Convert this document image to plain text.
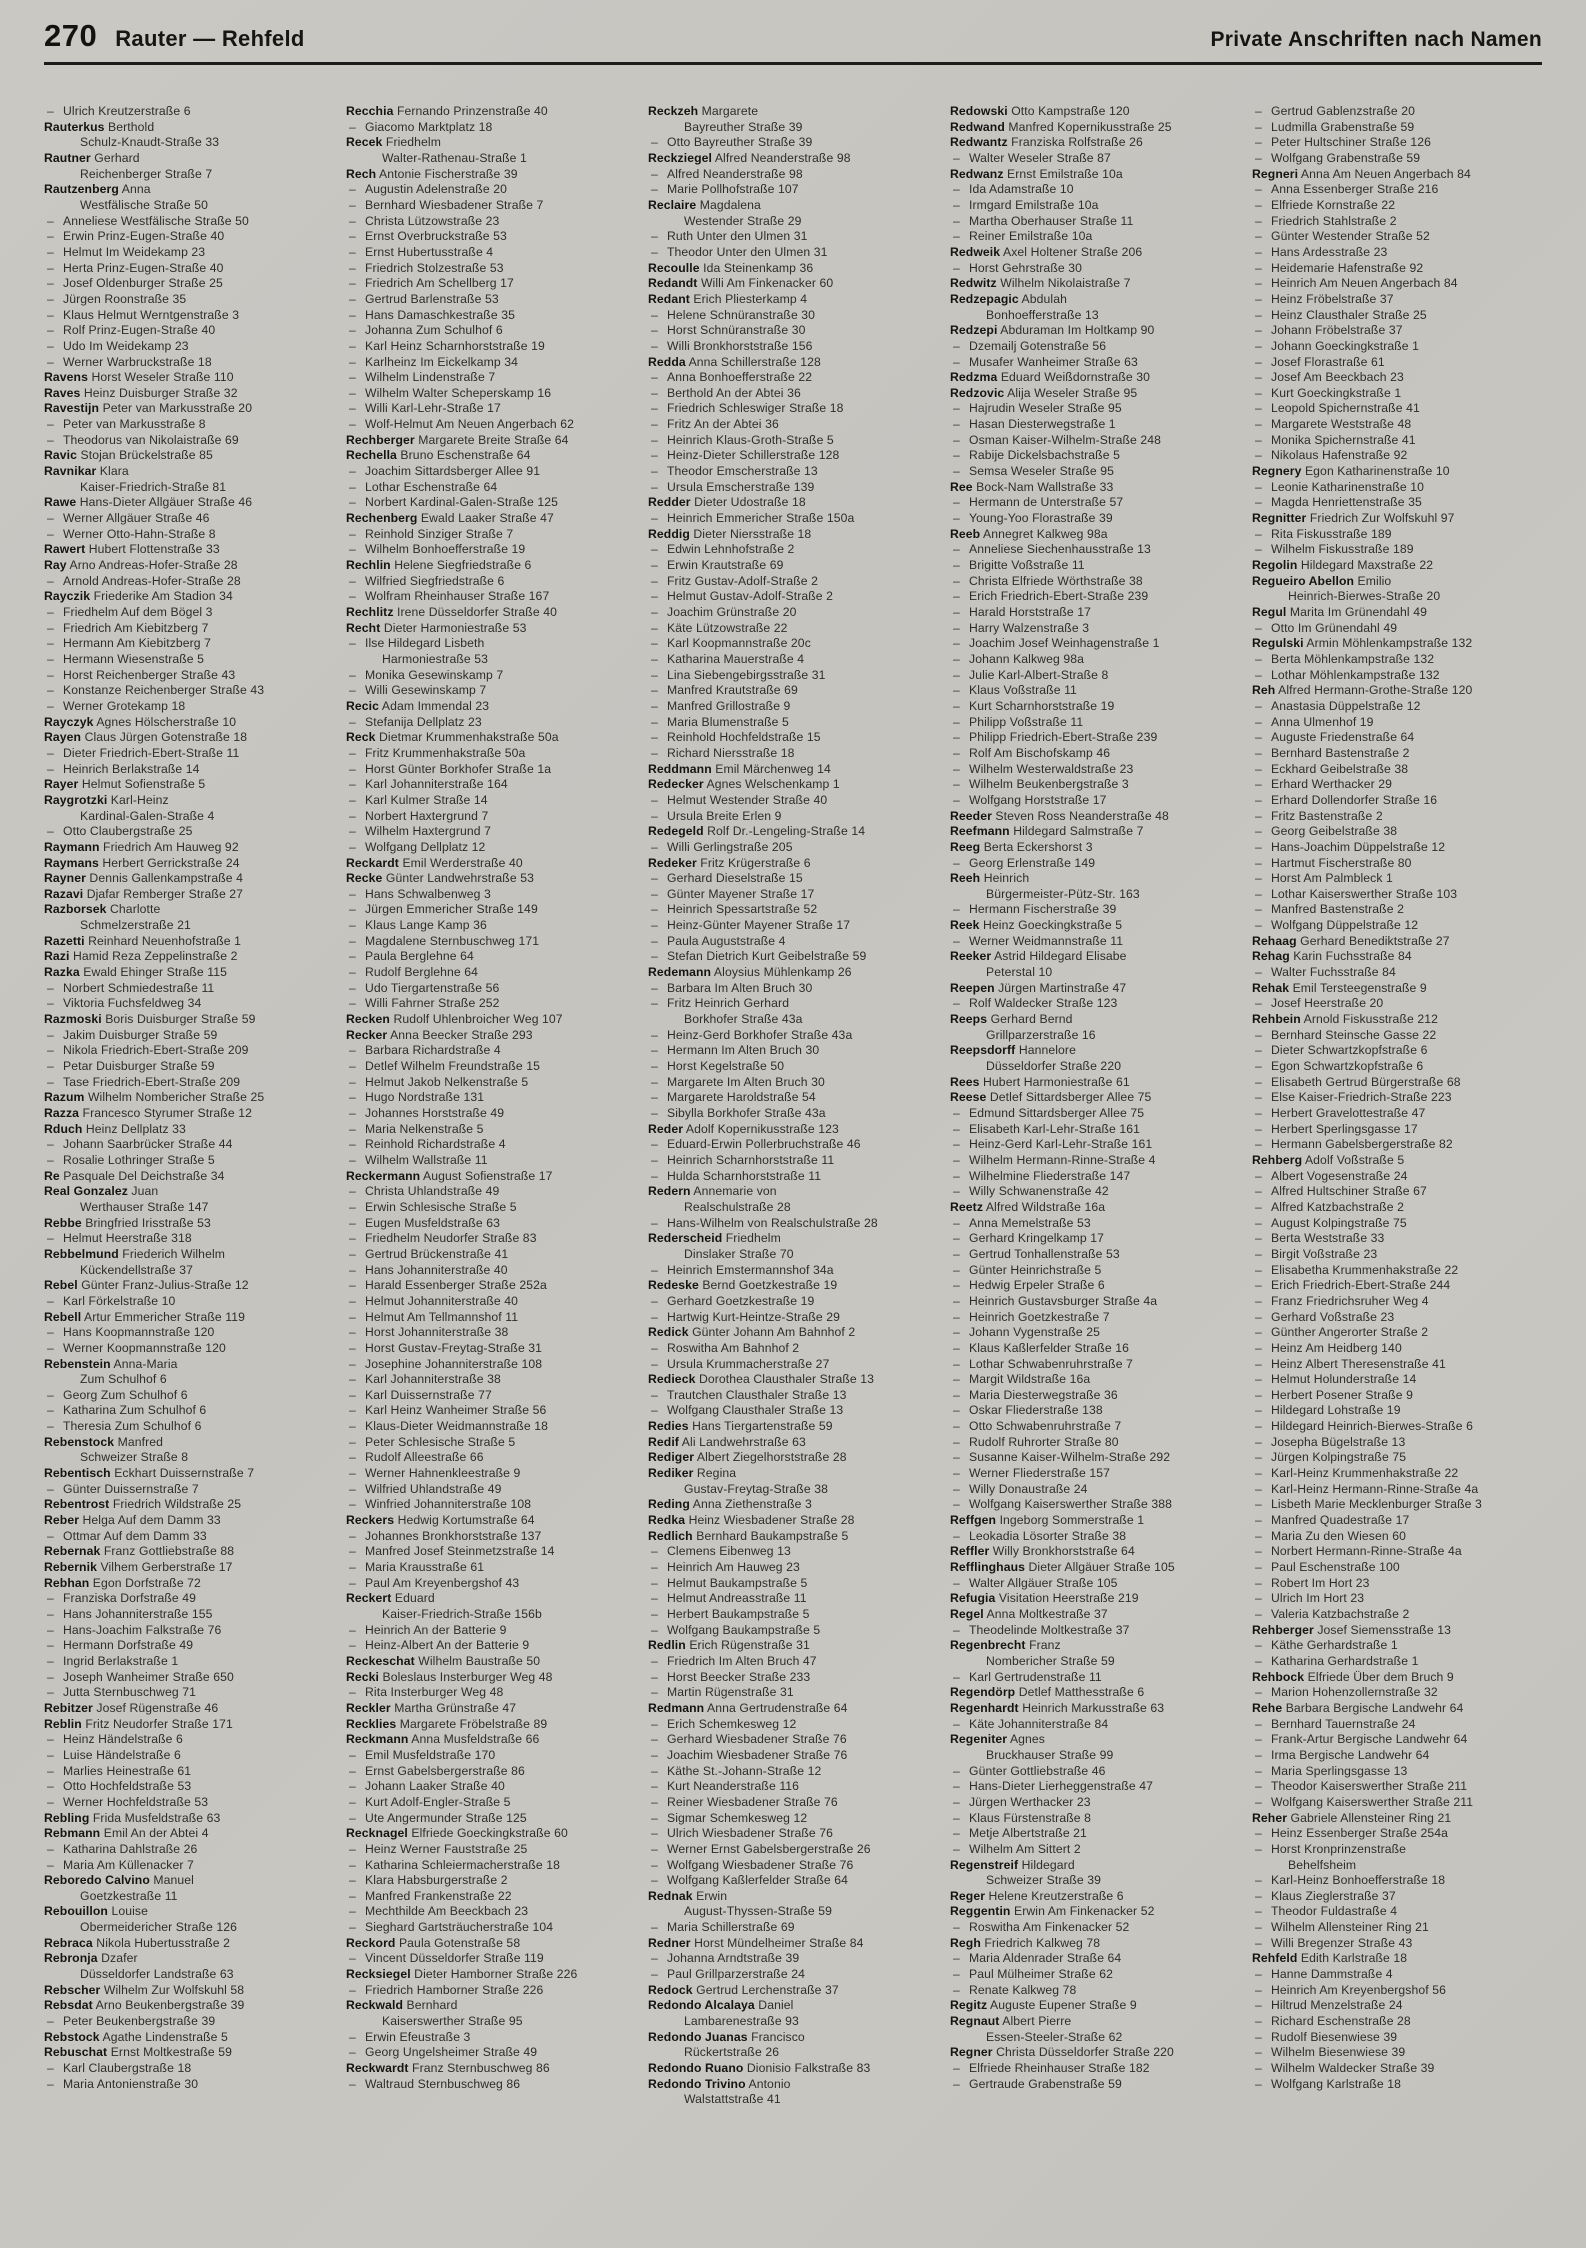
270 Rauter — Rehfeld	Private Anschriften nach Namen
– Ulrich Kreutzerstraße 6
Rauterkus Berthold
Schulz-Knaudt-Straße 33
Rautner Gerhard
Reichenberger Straße 7
Rautzenberg Anna
Westfälische Straße 50
– Anneliese Westfälische Straße 50
– Erwin Prinz-Eugen-Straße 40
– Helmut Im Weidekamp 23
– Herta Prinz-Eugen-Straße 40
– Josef Oldenburger Straße 25
– Jürgen Roonstraße 35
– Klaus Helmut Werntgenstraße 3
– Rolf Prinz-Eugen-Straße 40
– Udo Im Weidekamp 23
– Werner Warbruckstraße 18
Ravens Horst Weseler Straße 110
Raves Heinz Duisburger Straße 32
Ravestijn Peter van Markusstraße 20
– Peter van Markusstraße 8
– Theodorus van Nikolaistraße 69
Ravic Stojan Brückelstraße 85
Ravnikar Klara
Kaiser-Friedrich-Straße 81
Rawe Hans-Dieter Allgäuer Straße 46
– Werner Allgäuer Straße 46
– Werner Otto-Hahn-Straße 8
Rawert Hubert Flottenstraße 33
Ray Arno Andreas-Hofer-Straße 28
– Arnold Andreas-Hofer-Straße 28
Rayczik Friederike Am Stadion 34
– Friedhelm Auf dem Bögel 3
– Friedrich Am Kiebitzberg 7
– Hermann Am Kiebitzberg 7
– Hermann Wiesenstraße 5
– Horst Reichenberger Straße 43
– Konstanze Reichenberger Straße 43
– Werner Grotekamp 18
Rayczyk Agnes Hölscherstraße 10
Rayen Claus Jürgen Gotenstraße 18
– Dieter Friedrich-Ebert-Straße 11
– Heinrich Berlakstraße 14
Rayer Helmut Sofienstraße 5
Raygrotzki Karl-Heinz
Kardinal-Galen-Straße 4
– Otto Claubergstraße 25
Raymann Friedrich Am Hauweg 92
Raymans Herbert Gerrickstraße 24
Rayner Dennis Gallenkampstraße 4
Razavi Djafar Remberger Straße 27
Razborsek Charlotte
Schmelzerstraße 21
Razetti Reinhard Neuenhofstraße 1
Razi Hamid Reza Zeppelinstraße 2
Razka Ewald Ehinger Straße 115
– Norbert Schmiedestraße 11
– Viktoria Fuchsfeldweg 34
Razmoski Boris Duisburger Straße 59
– Jakim Duisburger Straße 59
– Nikola Friedrich-Ebert-Straße 209
– Petar Duisburger Straße 59
– Tase Friedrich-Ebert-Straße 209
Razum Wilhelm Nombericher Straße 25
Razza Francesco Styrumer Straße 12
Rduch Heinz Dellplatz 33
– Johann Saarbrücker Straße 44
– Rosalie Lothringer Straße 5
Re Pasquale Del Deichstraße 34
Real Gonzalez Juan
Werthauser Straße 147
Rebbe Bringfried Irisstraße 53
– Helmut Heerstraße 318
Rebbelmund Friederich Wilhelm
Kückendellstraße 37
Rebel Günter Franz-Julius-Straße 12
– Karl Förkelstraße 10
Rebell Artur Emmericher Straße 119
– Hans Koopmannstraße 120
– Werner Koopmannstraße 120
Rebenstein Anna-Maria
Zum Schulhof 6
– Georg Zum Schulhof 6
– Katharina Zum Schulhof 6
– Theresia Zum Schulhof 6
Rebenstock Manfred
Schweizer Straße 8
Rebentisch Eckhart Duissernstraße 7
– Günter Duissernstraße 7
Rebentrost Friedrich Wildstraße 25
Reber Helga Auf dem Damm 33
– Ottmar Auf dem Damm 33
Rebernak Franz Gottliebstraße 88
Rebernik Vilhem Gerberstraße 17
Rebhan Egon Dorfstraße 72
– Franziska Dorfstraße 49
– Hans Johanniterstraße 155
– Hans-Joachim Falkstraße 76
– Hermann Dorfstraße 49
– Ingrid Berlakstraße 1
– Joseph Wanheimer Straße 650
– Jutta Sternbuschweg 71
Rebitzer Josef Rügenstraße 46
Reblin Fritz Neudorfer Straße 171
– Heinz Händelstraße 6
– Luise Händelstraße 6
– Marlies Heinestraße 61
– Otto Hochfeldstraße 53
– Werner Hochfeldstraße 53
Rebling Frida Musfeldstraße 63
Rebmann Emil An der Abtei 4
– Katharina Dahlstraße 26
– Maria Am Küllenacker 7
Reboredo Calvino Manuel
Goetzkestraße 11
Rebouillon Louise
Obermeidericher Straße 126
Rebraca Nikola Hubertusstraße 2
Rebronja Dzafer
Düsseldorfer Landstraße 63
Rebscher Wilhelm Zur Wolfskuhl 58
Rebsdat Arno Beukenbergstraße 39
– Peter Beukenbergstraße 39
Rebstock Agathe Lindenstraße 5
Rebuschat Ernst Moltkestraße 59
– Karl Claubergstraße 18
– Maria Antonienstraße 30
Recchia Fernando Prinzenstraße 40
– Giacomo Marktplatz 18
Recek Friedhelm
Walter-Rathenau-Straße 1
Rech Antonie Fischerstraße 39
– Augustin Adelenstraße 20
– Bernhard Wiesbadener Straße 7
– Christa Lützowstraße 23
– Ernst Overbruckstraße 53
– Ernst Hubertusstraße 4
– Friedrich Stolzestraße 53
– Friedrich Am Schellberg 17
– Gertrud Barlenstraße 53
– Hans Damaschkestraße 35
– Johanna Zum Schulhof 6
– Karl Heinz Scharnhorststraße 19
– Karlheinz Im Eickelkamp 34
– Wilhelm Lindenstraße 7
– Wilhelm Walter Scheperskamp 16
– Willi Karl-Lehr-Straße 17
– Wolf-Helmut Am Neuen Angerbach 62
Rechberger Margarete Breite Straße 64
Rechella Bruno Eschenstraße 64
– Joachim Sittardsberger Allee 91
– Lothar Eschenstraße 64
– Norbert Kardinal-Galen-Straße 125
Rechenberg Ewald Laaker Straße 47
– Reinhold Sinziger Straße 7
– Wilhelm Bonhoefferstraße 19
Rechlin Helene Siegfriedstraße 6
– Wilfried Siegfriedstraße 6
– Wolfram Rheinhauser Straße 167
Rechlitz Irene Düsseldorfer Straße 40
Recht Dieter Harmoniestraße 53
– Ilse Hildegard Lisbeth
Harmoniestraße 53
– Monika Gesewinskamp 7
– Willi Gesewinskamp 7
Recic Adam Immendal 23
– Stefanija Dellplatz 23
Reck Dietmar Krummenhakstraße 50a
– Fritz Krummenhakstraße 50a
– Horst Günter Borkhofer Straße 1a
– Karl Johanniterstraße 164
– Karl Kulmer Straße 14
– Norbert Haxtergrund 7
– Wilhelm Haxtergrund 7
– Wolfgang Dellplatz 12
Reckardt Emil Werderstraße 40
Recke Günter Landwehrstraße 53
– Hans Schwalbenweg 3
– Jürgen Emmericher Straße 149
– Klaus Lange Kamp 36
– Magdalene Sternbuschweg 171
– Paula Berglehne 64
– Rudolf Berglehne 64
– Udo Tiergartenstraße 56
– Willi Fahrner Straße 252
Recken Rudolf Uhlenbroicher Weg 107
Recker Anna Beecker Straße 293
– Barbara Richardstraße 4
– Detlef Wilhelm Freundstraße 15
– Helmut Jakob Nelkenstraße 5
– Hugo Nordstraße 131
– Johannes Horststraße 49
– Maria Nelkenstraße 5
– Reinhold Richardstraße 4
– Wilhelm Wallstraße 11
Reckermann August Sofienstraße 17
– Christa Uhlandstraße 49
– Erwin Schlesische Straße 5
– Eugen Musfeldstraße 63
– Friedhelm Neudorfer Straße 83
– Gertrud Brückenstraße 41
– Hans Johanniterstraße 40
– Harald Essenberger Straße 252a
– Helmut Johanniterstraße 40
– Helmut Am Tellmannshof 11
– Horst Johanniterstraße 38
– Horst Gustav-Freytag-Straße 31
– Josephine Johanniterstraße 108
– Karl Johanniterstraße 38
– Karl Duissernstraße 77
– Karl Heinz Wanheimer Straße 56
– Klaus-Dieter Weidmannstraße 18
– Peter Schlesische Straße 5
– Rudolf Alleestraße 66
– Werner Hahnenkleestraße 9
– Wilfried Uhlandstraße 49
– Winfried Johanniterstraße 108
Reckers Hedwig Kortumstraße 64
– Johannes Bronkhorststraße 137
– Manfred Josef Steinmetzstraße 14
– Maria Krausstraße 61
– Paul Am Kreyenbergshof 43
Reckert Eduard
Kaiser-Friedrich-Straße 156b
– Heinrich An der Batterie 9
– Heinz-Albert An der Batterie 9
Reckeschat Wilhelm Baustraße 50
Recki Boleslaus Insterburger Weg 48
– Rita Insterburger Weg 48
Reckler Martha Grünstraße 47
Recklies Margarete Fröbelstraße 89
Reckmann Anna Musfeldstraße 66
– Emil Musfeldstraße 170
– Ernst Gabelsbergerstraße 86
– Johann Laaker Straße 40
– Kurt Adolf-Engler-Straße 5
– Ute Angermunder Straße 125
Recknagel Elfriede Goeckingkstraße 60
– Heinz Werner Fauststraße 25
– Katharina Schleiermacherstraße 18
– Klara Habsburgerstraße 2
– Manfred Frankenstraße 22
– Mechthilde Am Beeckbach 23
– Sieghard Gartsträucherstraße 104
Reckord Paula Gotenstraße 58
– Vincent Düsseldorfer Straße 119
Recksiegel Dieter Hamborner Straße 226
– Friedrich Hamborner Straße 226
Reckwald Bernhard
Kaiserswerther Straße 95
– Erwin Efeustraße 3
– Georg Ungelsheimer Straße 49
Reckwardt Franz Sternbuschweg 86
– Waltraud Sternbuschweg 86
Reckzeh Margarete
Bayreuther Straße 39
– Otto Bayreuther Straße 39
Reckziegel Alfred Neanderstraße 98
– Alfred Neanderstraße 98
– Marie Pollhofstraße 107
Reclaire Magdalena
Westender Straße 29
– Ruth Unter den Ulmen 31
– Theodor Unter den Ulmen 31
Recoulle Ida Steinenkamp 36
Redandt Willi Am Finkenacker 60
Redant Erich Pliesterkamp 4
– Helene Schnüranstraße 30
– Horst Schnüranstraße 30
– Willi Bronkhorststraße 156
Redda Anna Schillerstraße 128
– Anna Bonhoefferstraße 22
– Berthold An der Abtei 36
– Friedrich Schleswiger Straße 18
– Fritz An der Abtei 36
– Heinrich Klaus-Groth-Straße 5
– Heinz-Dieter Schillerstraße 128
– Theodor Emscherstraße 13
– Ursula Emscherstraße 139
Redder Dieter Udostraße 18
– Heinrich Emmericher Straße 150a
Reddig Dieter Niersstraße 18
– Edwin Lehnhofstraße 2
– Erwin Krautstraße 69
– Fritz Gustav-Adolf-Straße 2
– Helmut Gustav-Adolf-Straße 2
– Joachim Grünstraße 20
– Käte Lützowstraße 22
– Karl Koopmannstraße 20c
– Katharina Mauerstraße 4
– Lina Siebengebirgsstraße 31
– Manfred Krautstraße 69
– Manfred Grillostraße 9
– Maria Blumenstraße 5
– Reinhold Hochfeldstraße 15
– Richard Niersstraße 18
Reddmann Emil Märchenweg 14
Redecker Agnes Welschenkamp 1
– Helmut Westender Straße 40
– Ursula Breite Erlen 9
Redegeld Rolf Dr.-Lengeling-Straße 14
– Willi Gerlingstraße 205
Redeker Fritz Krügerstraße 6
– Gerhard Dieselstraße 15
– Günter Mayener Straße 17
– Heinrich Spessartstraße 52
– Heinz-Günter Mayener Straße 17
– Paula Auguststraße 4
– Stefan Dietrich Kurt Geibelstraße 59
Redemann Aloysius Mühlenkamp 26
– Barbara Im Alten Bruch 30
– Fritz Heinrich Gerhard
Borkhofer Straße 43a
– Heinz-Gerd Borkhofer Straße 43a
– Hermann Im Alten Bruch 30
– Horst Kegelstraße 50
– Margarete Im Alten Bruch 30
– Margarete Haroldstraße 54
– Sibylla Borkhofer Straße 43a
Reder Adolf Kopernikusstraße 123
– Eduard-Erwin Pollerbruchstraße 46
– Heinrich Scharnhorststraße 11
– Hulda Scharnhorststraße 11
Redern Annemarie von
Realschulstraße 28
– Hans-Wilhelm von Realschulstraße 28
Rederscheid Friedhelm
Dinslaker Straße 70
– Heinrich Emstermannshof 34a
Redeske Bernd Goetzkestraße 19
– Gerhard Goetzkestraße 19
– Hartwig Kurt-Heintze-Straße 29
Redick Günter Johann Am Bahnhof 2
– Roswitha Am Bahnhof 2
– Ursula Krummacherstraße 27
Redieck Dorothea Clausthaler Straße 13
– Trautchen Clausthaler Straße 13
– Wolfgang Clausthaler Straße 13
Redies Hans Tiergartenstraße 59
Redif Ali Landwehrstraße 63
Rediger Albert Ziegelhorststraße 28
Rediker Regina
Gustav-Freytag-Straße 38
Reding Anna Ziethenstraße 3
Redka Heinz Wiesbadener Straße 28
Redlich Bernhard Baukampstraße 5
– Clemens Eibenweg 13
– Heinrich Am Hauweg 23
– Helmut Baukampstraße 5
– Helmut Andreasstraße 11
– Herbert Baukampstraße 5
– Wolfgang Baukampstraße 5
Redlin Erich Rügenstraße 31
– Friedrich Im Alten Bruch 47
– Horst Beecker Straße 233
– Martin Rügenstraße 31
Redmann Anna Gertrudenstraße 64
– Erich Schemkesweg 12
– Gerhard Wiesbadener Straße 76
– Joachim Wiesbadener Straße 76
– Käthe St.-Johann-Straße 12
– Kurt Neanderstraße 116
– Reiner Wiesbadener Straße 76
– Sigmar Schemkesweg 12
– Ulrich Wiesbadener Straße 76
– Werner Ernst Gabelsbergerstraße 26
– Wolfgang Wiesbadener Straße 76
– Wolfgang Kaßlerfelder Straße 64
Rednak Erwin
August-Thyssen-Straße 59
– Maria Schillerstraße 69
Redner Horst Mündelheimer Straße 84
– Johanna Arndtstraße 39
– Paul Grillparzerstraße 24
Redock Gertrud Lerchenstraße 37
Redondo Alcalaya Daniel
Lambarenestraße 93
Redondo Juanas Francisco
Rückertstraße 26
Redondo Ruano Dionisio Falkstraße 83
Redondo Trivino Antonio
Walstattstraße 41
Redowski Otto Kampstraße 120
Redwand Manfred Kopernikusstraße 25
Redwantz Franziska Rolfstraße 26
– Walter Weseler Straße 87
Redwanz Ernst Emilstraße 10a
– Ida Adamstraße 10
– Irmgard Emilstraße 10a
– Martha Oberhauser Straße 11
– Reiner Emilstraße 10a
Redweik Axel Holtener Straße 206
– Horst Gehrstraße 30
Redwitz Wilhelm Nikolaistraße 7
Redzepagic Abdulah
Bonhoefferstraße 13
Redzepi Abduraman Im Holtkamp 90
– Dzemailj Gotenstraße 56
– Musafer Wanheimer Straße 63
Redzma Eduard Weißdornstraße 30
Redzovic Alija Weseler Straße 95
– Hajrudin Weseler Straße 95
– Hasan Diesterwegstraße 1
– Osman Kaiser-Wilhelm-Straße 248
– Rabije Dickelsbachstraße 5
– Semsa Weseler Straße 95
Ree Bock-Nam Wallstraße 33
– Hermann de Unterstraße 57
– Young-Yoo Florastraße 39
Reeb Annegret Kalkweg 98a
– Anneliese Siechenhausstraße 13
– Brigitte Voßstraße 11
– Christa Elfriede Wörthstraße 38
– Erich Friedrich-Ebert-Straße 239
– Harald Horststraße 17
– Harry Walzenstraße 3
– Joachim Josef Weinhagenstraße 1
– Johann Kalkweg 98a
– Julie Karl-Albert-Straße 8
– Klaus Voßstraße 11
– Kurt Scharnhorststraße 19
– Philipp Voßstraße 11
– Philipp Friedrich-Ebert-Straße 239
– Rolf Am Bischofskamp 46
– Wilhelm Westerwaldstraße 23
– Wilhelm Beukenbergstraße 3
– Wolfgang Horststraße 17
Reeder Steven Ross Neanderstraße 48
Reefmann Hildegard Salmstraße 7
Reeg Berta Eckershorst 3
– Georg Erlenstraße 149
Reeh Heinrich
Bürgermeister-Pütz-Str. 163
– Hermann Fischerstraße 39
Reek Heinz Goeckingkstraße 5
– Werner Weidmannstraße 11
Reeker Astrid Hildegard Elisabe
Peterstal 10
Reepen Jürgen Martinstraße 47
– Rolf Waldecker Straße 123
Reeps Gerhard Bernd
Grillparzerstraße 16
Reepsdorff Hannelore
Düsseldorfer Straße 220
Rees Hubert Harmoniestraße 61
Reese Detlef Sittardsberger Allee 75
– Edmund Sittardsberger Allee 75
– Elisabeth Karl-Lehr-Straße 161
– Heinz-Gerd Karl-Lehr-Straße 161
– Wilhelm Hermann-Rinne-Straße 4
– Wilhelmine Fliederstraße 147
– Willy Schwanenstraße 42
Reetz Alfred Wildstraße 16a
– Anna Memelstraße 53
– Gerhard Kringelkamp 17
– Gertrud Tonhallenstraße 53
– Günter Heinrichstraße 5
– Hedwig Erpeler Straße 6
– Heinrich Gustavsburger Straße 4a
– Heinrich Goetzkestraße 7
– Johann Vygenstraße 25
– Klaus Kaßlerfelder Straße 16
– Lothar Schwabenruhrstraße 7
– Margit Wildstraße 16a
– Maria Diesterwegstraße 36
– Oskar Fliederstraße 138
– Otto Schwabenruhrstraße 7
– Rudolf Ruhrorter Straße 80
– Susanne Kaiser-Wilhelm-Straße 292
– Werner Fliederstraße 157
– Willy Donaustraße 24
– Wolfgang Kaiserswerther Straße 388
Reffgen Ingeborg Sommerstraße 1
– Leokadia Lösorter Straße 38
Reffler Willy Bronkhorststraße 64
Refflinghaus Dieter Allgäuer Straße 105
– Walter Allgäuer Straße 105
Refugia Visitation Heerstraße 219
Regel Anna Moltkestraße 37
– Theodelinde Moltkestraße 37
Regenbrecht Franz
Nombericher Straße 59
– Karl Gertrudenstraße 11
Regendörp Detlef Matthesstraße 6
Regenhardt Heinrich Markusstraße 63
– Käte Johanniterstraße 84
Regeniter Agnes
Bruckhauser Straße 99
– Günter Gottliebstraße 46
– Hans-Dieter Lierheggenstraße 47
– Jürgen Werthacker 23
– Klaus Fürstenstraße 8
– Metje Albertstraße 21
– Wilhelm Am Sittert 2
Regenstreif Hildegard
Schweizer Straße 39
Reger Helene Kreutzerstraße 6
Reggentin Erwin Am Finkenacker 52
– Roswitha Am Finkenacker 52
Regh Friedrich Kalkweg 78
– Maria Aldenrader Straße 64
– Paul Mülheimer Straße 62
– Renate Kalkweg 78
Regitz Auguste Eupener Straße 9
Regnaut Albert Pierre
Essen-Steeler-Straße 62
Regner Christa Düsseldorfer Straße 220
– Elfriede Rheinhauser Straße 182
– Gertraude Grabenstraße 59
– Gertrud Gablenzstraße 20
– Ludmilla Grabenstraße 59
– Peter Hultschiner Straße 126
– Wolfgang Grabenstraße 59
Regneri Anna Am Neuen Angerbach 84
– Anna Essenberger Straße 216
– Elfriede Kornstraße 22
– Friedrich Stahlstraße 2
– Günter Westender Straße 52
– Hans Ardesstraße 23
– Heidemarie Hafenstraße 92
– Heinrich Am Neuen Angerbach 84
– Heinz Fröbelstraße 37
– Heinz Clausthaler Straße 25
– Johann Fröbelstraße 37
– Johann Goeckingkstraße 1
– Josef Florastraße 61
– Josef Am Beeckbach 23
– Kurt Goeckingkstraße 1
– Leopold Spichernstraße 41
– Margarete Weststraße 48
– Monika Spichernstraße 41
– Nikolaus Hafenstraße 92
Regnery Egon Katharinenstraße 10
– Leonie Katharinenstraße 10
– Magda Henriettenstraße 35
Regnitter Friedrich Zur Wolfskuhl 97
– Rita Fiskusstraße 189
– Wilhelm Fiskusstraße 189
Regolin Hildegard Maxstraße 22
Regueiro Abellon Emilio
Heinrich-Bierwes-Straße 20
Regul Marita Im Grünendahl 49
– Otto Im Grünendahl 49
Regulski Armin Möhlenkampstraße 132
– Berta Möhlenkampstraße 132
– Lothar Möhlenkampstraße 132
Reh Alfred Hermann-Grothe-Straße 120
– Anastasia Düppelstraße 12
– Anna Ulmenhof 19
– Auguste Friedenstraße 64
– Bernhard Bastenstraße 2
– Eckhard Geibelstraße 38
– Erhard Werthacker 29
– Erhard Dollendorfer Straße 16
– Fritz Bastenstraße 2
– Georg Geibelstraße 38
– Hans-Joachim Düppelstraße 12
– Hartmut Fischerstraße 80
– Horst Am Palmbleck 1
– Lothar Kaiserswerther Straße 103
– Manfred Bastenstraße 2
– Wolfgang Düppelstraße 12
Rehaag Gerhard Benediktstraße 27
Rehag Karin Fuchsstraße 84
– Walter Fuchsstraße 84
Rehak Emil Tersteegenstraße 9
– Josef Heerstraße 20
Rehbein Arnold Fiskusstraße 212
– Bernhard Steinsche Gasse 22
– Dieter Schwartzkopfstraße 6
– Egon Schwartzkopfstraße 6
– Elisabeth Gertrud Bürgerstraße 68
– Else Kaiser-Friedrich-Straße 223
– Herbert Gravelottestraße 47
– Herbert Sperlingsgasse 17
– Hermann Gabelsbergerstraße 82
Rehberg Adolf Voßstraße 5
– Albert Vogesenstraße 24
– Alfred Hultschiner Straße 67
– Alfred Katzbachstraße 2
– August Kolpingstraße 75
– Berta Weststraße 33
– Birgit Voßstraße 23
– Elisabetha Krummenhakstraße 22
– Erich Friedrich-Ebert-Straße 244
– Franz Friedrichsruher Weg 4
– Gerhard Voßstraße 23
– Günther Angerorter Straße 2
– Heinz Am Heidberg 140
– Heinz Albert Theresenstraße 41
– Helmut Holunderstraße 14
– Herbert Posener Straße 9
– Hildegard Lohstraße 19
– Hildegard Heinrich-Bierwes-Straße 6
– Josepha Bügelstraße 13
– Jürgen Kolpingstraße 75
– Karl-Heinz Krummenhakstraße 22
– Karl-Heinz Hermann-Rinne-Straße 4a
– Lisbeth Marie Mecklenburger Straße 3
– Manfred Quadestraße 17
– Maria Zu den Wiesen 60
– Norbert Hermann-Rinne-Straße 4a
– Paul Eschenstraße 100
– Robert Im Hort 23
– Ulrich Im Hort 23
– Valeria Katzbachstraße 2
Rehberger Josef Siemensstraße 13
– Käthe Gerhardstraße 1
– Katharina Gerhardstraße 1
Rehbock Elfriede Über dem Bruch 9
– Marion Hohenzollernstraße 32
Rehe Barbara Bergische Landwehr 64
– Bernhard Tauernstraße 24
– Frank-Artur Bergische Landwehr 64
– Irma Bergische Landwehr 64
– Maria Sperlingsgasse 13
– Theodor Kaiserswerther Straße 211
– Wolfgang Kaiserswerther Straße 211
Reher Gabriele Allensteiner Ring 21
– Heinz Essenberger Straße 254a
– Horst Kronprinzenstraße
Behelfsheim
– Karl-Heinz Bonhoefferstraße 18
– Klaus Zieglerstraße 37
– Theodor Fuldastraße 4
– Wilhelm Allensteiner Ring 21
– Willi Bregenzer Straße 43
Rehfeld Edith Karlstraße 18
– Hanne Dammstraße 4
– Heinrich Am Kreyenbergshof 56
– Hiltrud Menzelstraße 24
– Richard Eschenstraße 28
– Rudolf Biesenwiese 39
– Wilhelm Biesenwiese 39
– Wilhelm Waldecker Straße 39
– Wolfgang Karlstraße 18
